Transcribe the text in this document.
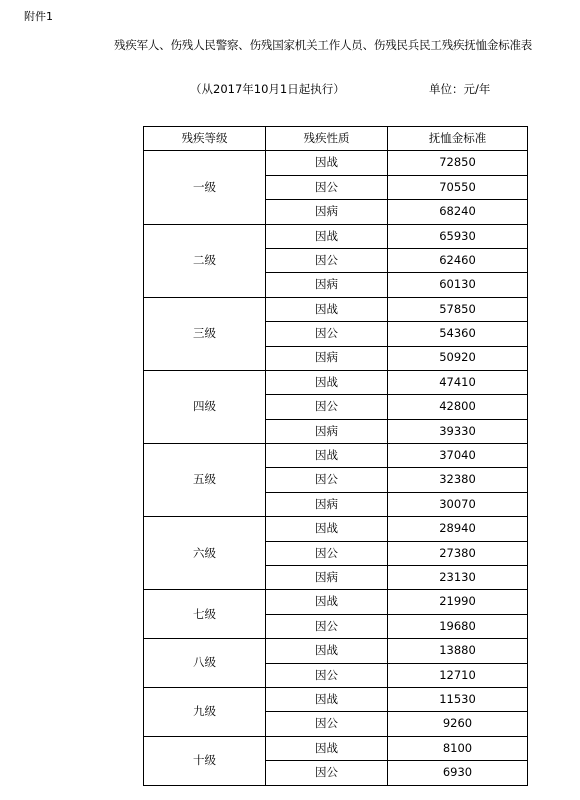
附件1
残疾军人、伤残人民警察、伤残国家机关工作人员、伤残民兵民工残疾抚恤金标准表
（从2017年10月1日起执行）	单位：元/年
残疾等级	残疾性质	抚恤金标准
一级	因战	72850
	因公	70550
	因病	68240
二级	因战	65930
	因公	62460
	因病	60130
三级	因战	57850
	因公	54360
	因病	50920
四级	因战	47410
	因公	42800
	因病	39330
五级	因战	37040
	因公	32380
	因病	30070
六级	因战	28940
	因公	27380
	因病	23130
七级	因战	21990
	因公	19680
八级	因战	13880
	因公	12710
九级	因战	11530
	因公	9260
十级	因战	8100
	因公	6930
